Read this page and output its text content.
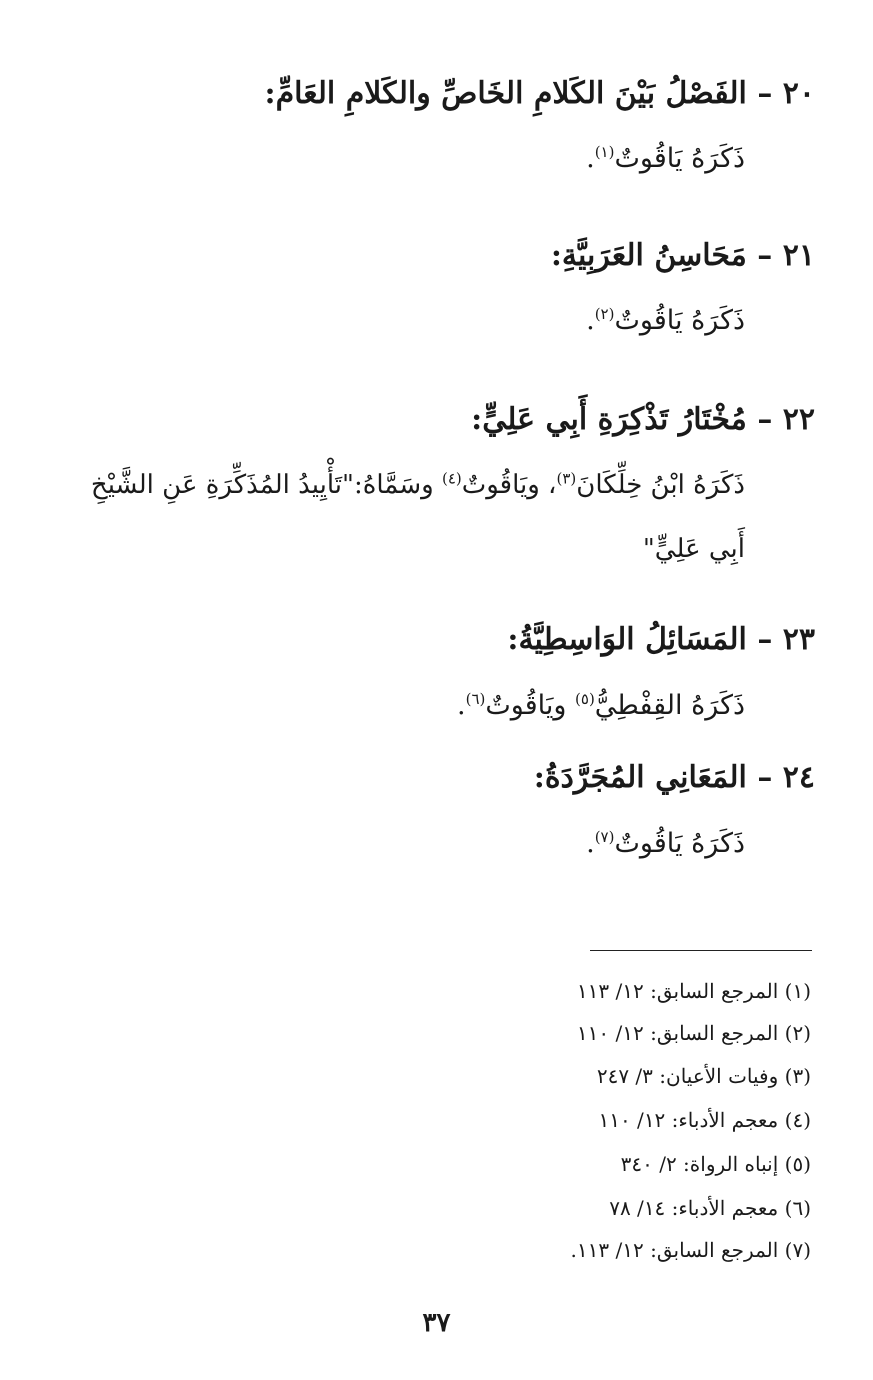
٢٠ – الفَصْلُ بَيْنَ الكَلامِ الخَاصِّ والكَلامِ العَامِّ:
ذَكَرَهُ يَاقُوتٌ$^{(١)}$.
٢١ – مَحَاسِنُ العَرَبِيَّةِ:
ذَكَرَهُ يَاقُوتٌ$^{(٢)}$.
٢٢ – مُخْتَارُ تَذْكِرَةِ أَبِي عَلِيٍّ:
ذَكَرَهُ ابْنُ خِلِّكَانَ$^{(٣)}$، ويَاقُوتٌ$^{(٤)}$ وسَمَّاهُ:"تَأْيِيدُ المُذَكِّرَةِ عَنِ الشَّيْخِ
أَبِي عَلِيٍّ"
٢٣ – المَسَائِلُ الوَاسِطِيَّةُ:
ذَكَرَهُ القِفْطِيُّ$^{(٥)}$ ويَاقُوتٌ$^{(٦)}$.
٢٤ – المَعَانِي المُجَرَّدَةُ:
ذَكَرَهُ يَاقُوتٌ$^{(٧)}$.
(١) المرجع السابق: ١٢/ ١١٣
(٢) المرجع السابق: ١٢/ ١١٠
(٣) وفيات الأعيان: ٣/ ٢٤٧
(٤) معجم الأدباء: ١٢/ ١١٠
(٥) إنباه الرواة: ٢/ ٣٤٠
(٦) معجم الأدباء: ١٤/ ٧٨
(٧) المرجع السابق: ١٢/ ١١٣.
٣٧
